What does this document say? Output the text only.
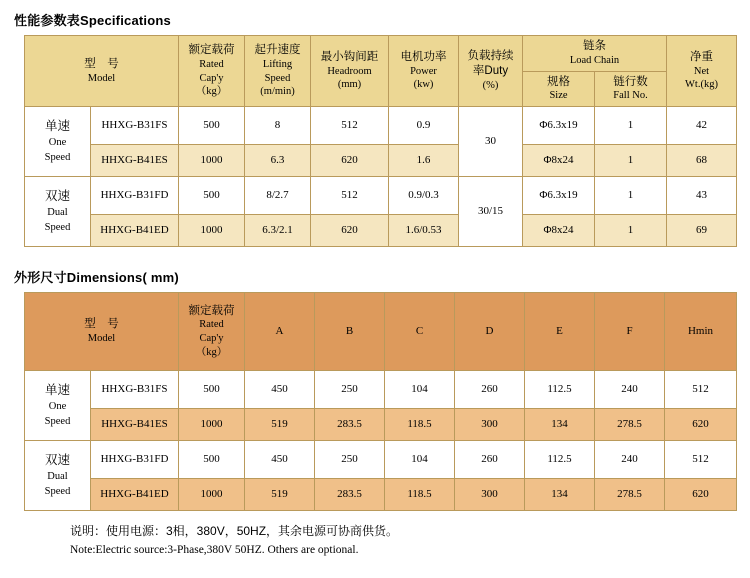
性能参数表Specifications
型　号
Model		额定载荷
Rated
Cap'y
（kg）	起升速度
Lifting
Speed
(m/min)	最小钩间距
Headroom
(mm)	电机功率
Power
(kw)	负载持续
率Duty
(%)	链条
Load Chain		净重
Net
Wt.(kg)
							规格
Size	链行数
Fall No.	
单速
One
Speed	HHXG-B31FS	500	8	512	0.9	30	Φ6.3x19	1	42
	HHXG-B41ES	1000	6.3	620	1.6		Φ8x24	1	68
双速
Dual
Speed	HHXG-B31FD	500	8/2.7	512	0.9/0.3	30/15	Φ6.3x19	1	43
	HHXG-B41ED	1000	6.3/2.1	620	1.6/0.53		Φ8x24	1	69
外形尺寸Dimensions( mm)
型　号
Model		额定载荷
Rated
Cap'y
（kg）	A	B	C	D	E	F	Hmin
单速
One
Speed	HHXG-B31FS	500	450	250	104	260	112.5	240	512
	HHXG-B41ES	1000	519	283.5	118.5	300	134	278.5	620
双速
Dual
Speed	HHXG-B31FD	500	450	250	104	260	112.5	240	512
	HHXG-B41ED	1000	519	283.5	118.5	300	134	278.5	620
说明：使用电源：3相，380V，50HZ，其余电源可协商供货。
Note:Electric source:3-Phase,380V 50HZ. Others are optional.
